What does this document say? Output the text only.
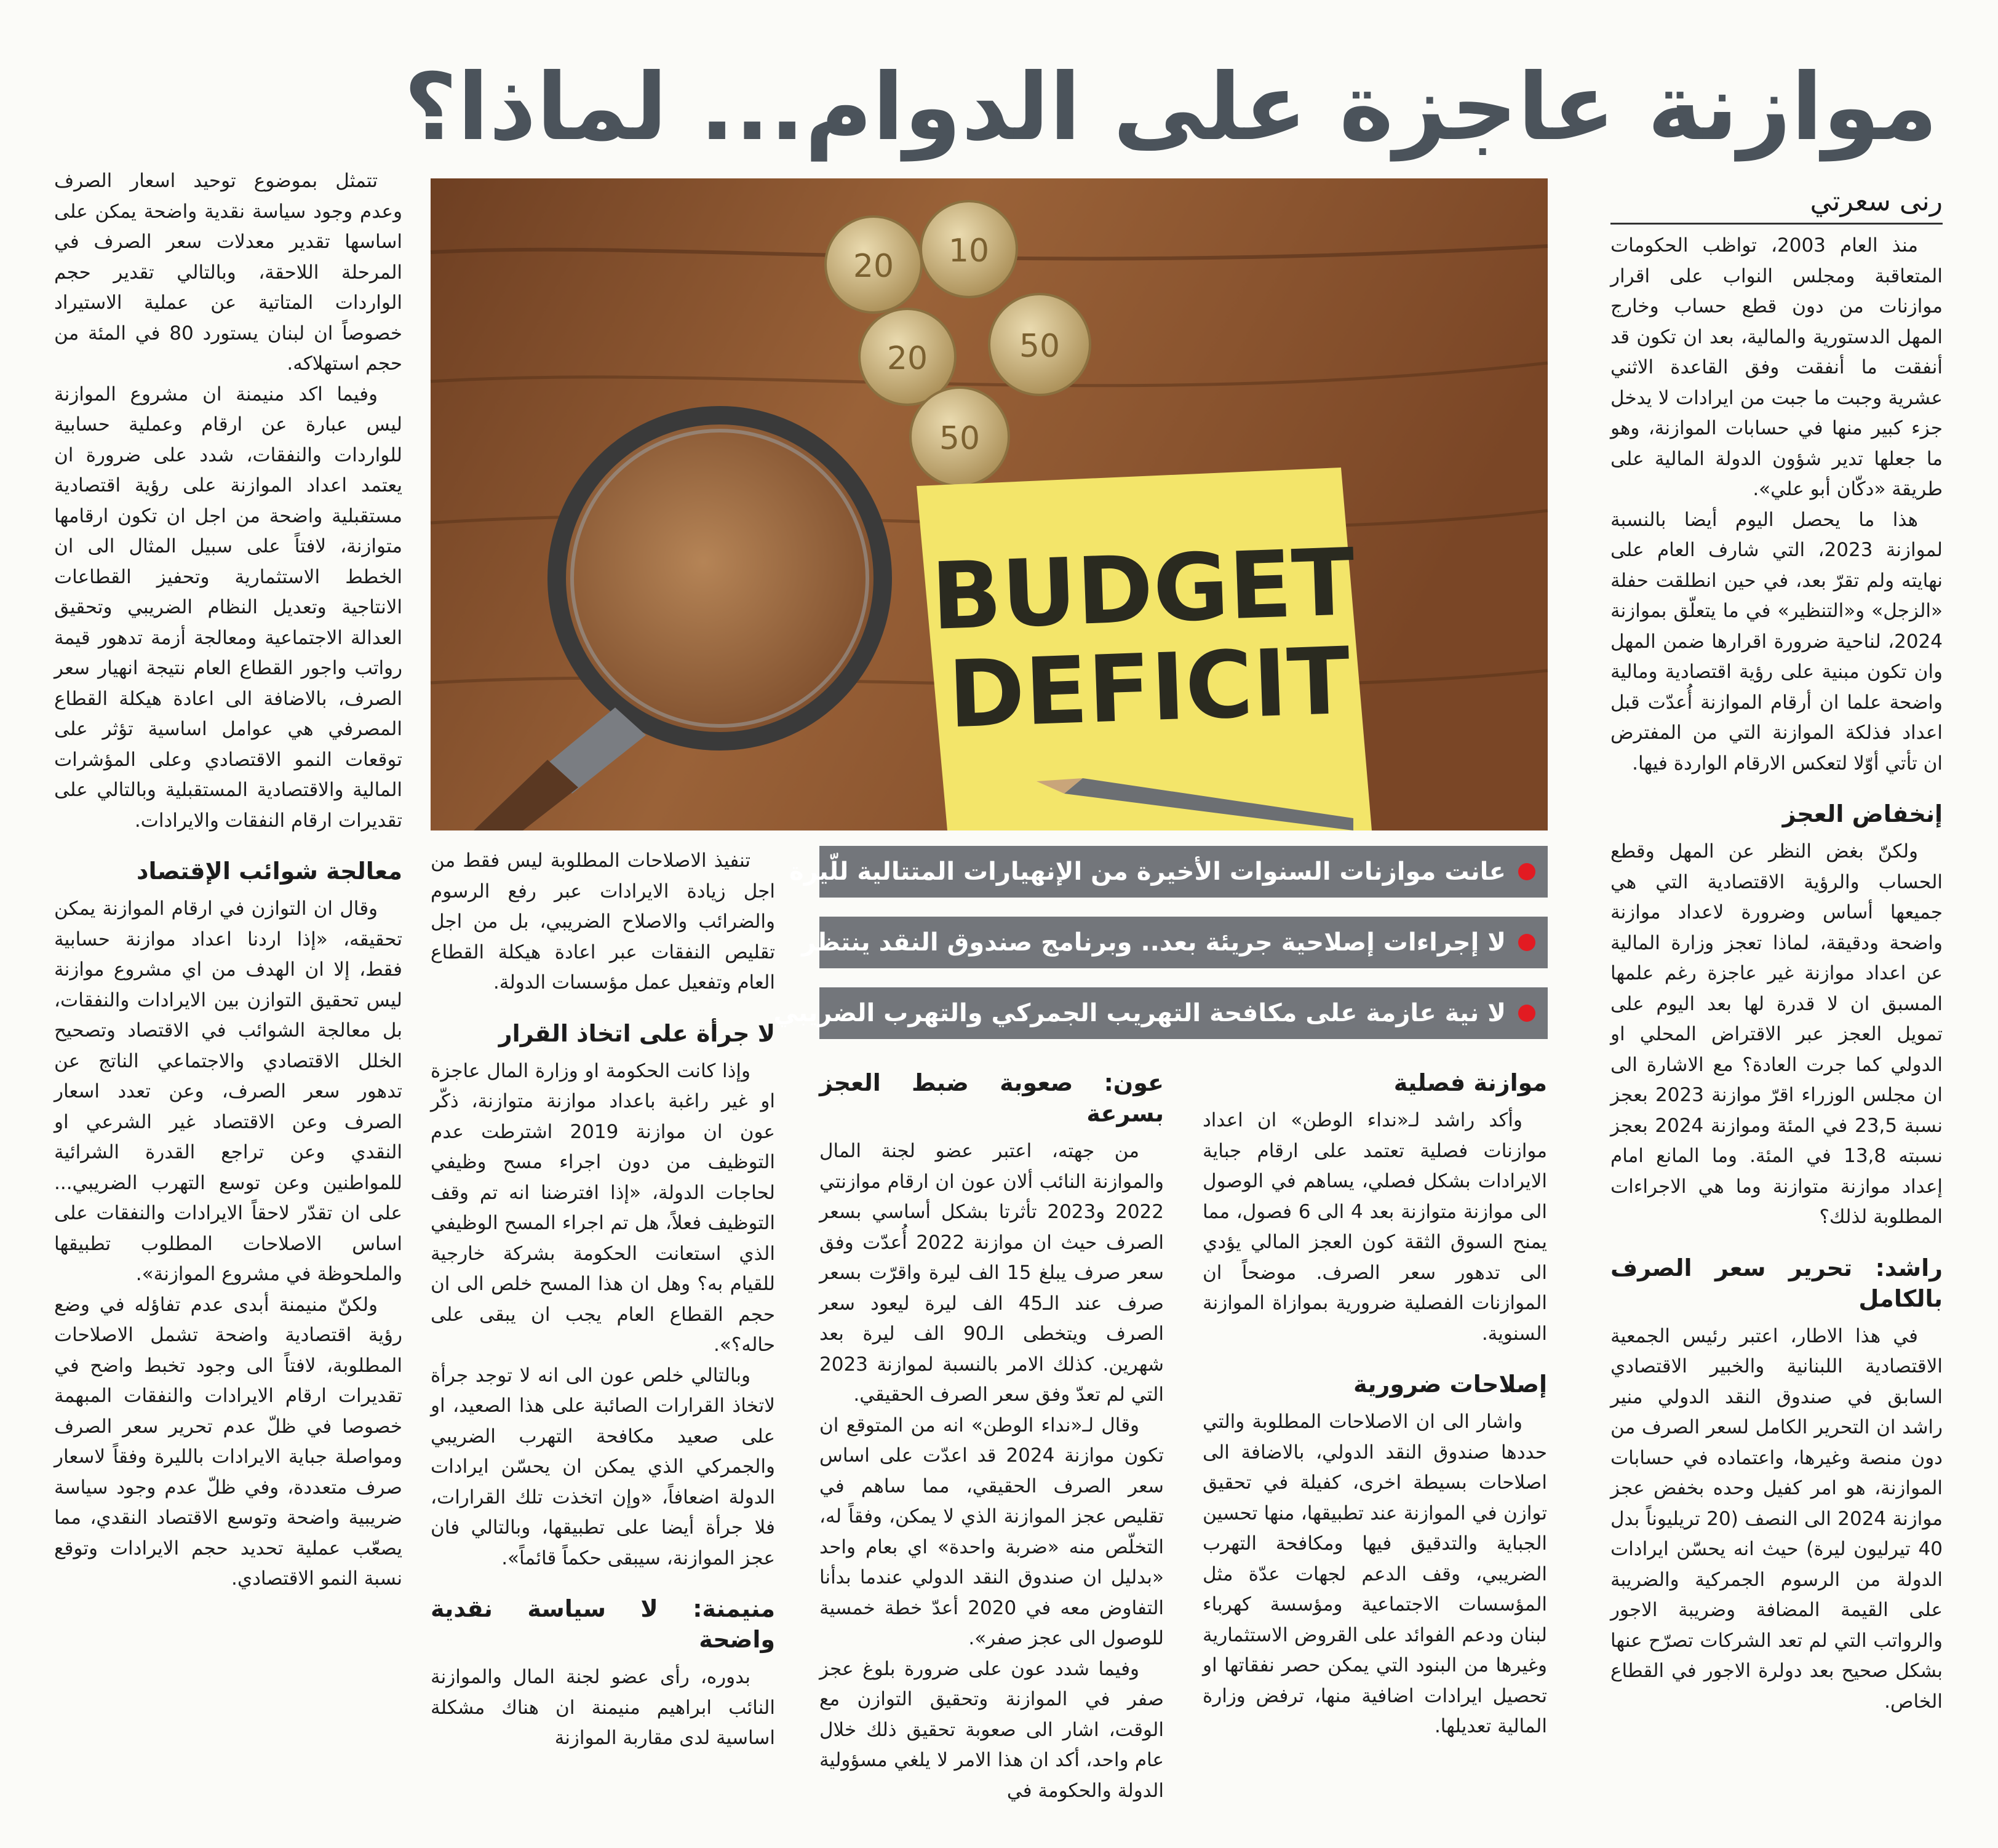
موازنة عاجزة على الدوام... لماذا؟
رنى سعرتي

منذ العام 2003، تواظب الحكومات المتعاقبة ومجلس النواب على اقرار موازنات من دون قطع حساب وخارج المهل الدستورية والمالية، بعد ان تكون قد أنفقت ما أنفقت وفق القاعدة الاثني عشرية وجبت ما جبت من ايرادات لا يدخل جزء كبير منها في حسابات الموازنة، وهو ما جعلها تدير شؤون الدولة المالية على طريقة «دكّان أبو علي».

هذا ما يحصل اليوم أيضا بالنسبة لموازنة 2023، التي شارف العام على نهايته ولم تقرّ بعد، في حين انطلقت حفلة «الزجل» و«التنظير» في ما يتعلّق بموازنة 2024، لناحية ضرورة اقرارها ضمن المهل وان تكون مبنية على رؤية اقتصادية ومالية واضحة علما ان أرقام الموازنة أُعدّت قبل اعداد فذلكة الموازنة التي من المفترض ان تأتي أوّلا لتعكس الارقام الواردة فيها.

إنخفاض العجز

ولكنّ بغض النظر عن المهل وقطع الحساب والرؤية الاقتصادية التي هي جميعها أساس وضرورة لاعداد موازنة واضحة ودقيقة، لماذا تعجز وزارة المالية عن اعداد موازنة غير عاجزة رغم علمها المسبق ان لا قدرة لها بعد اليوم على تمويل العجز عبر الاقتراض المحلي او الدولي كما جرت العادة؟ مع الاشارة الى ان مجلس الوزراء اقرّ موازنة 2023 بعجز نسبة 23,5 في المئة وموازنة 2024 بعجز نسبته 13,8 في المئة. وما المانع امام إعداد موازنة متوازنة وما هي الاجراءات المطلوبة لذلك؟

راشد: تحرير سعر الصرف بالكامل

في هذا الاطار، اعتبر رئيس الجمعية الاقتصادية اللبنانية والخبير الاقتصادي السابق في صندوق النقد الدولي منير راشد ان التحرير الكامل لسعر الصرف من دون منصة وغيرها، واعتماده في حسابات الموازنة، هو امر كفيل وحده بخفض عجز موازنة 2024 الى النصف (20 تريليوناً بدل 40 تيرليون ليرة) حيث انه يحسّن ايرادات الدولة من الرسوم الجمركية والضريبة على القيمة المضافة وضريبة الاجور والرواتب التي لم تعد الشركات تصرّح عنها بشكل صحيح بعد دولرة الاجور في القطاع الخاص.

20 10
20	50
50
BUDGET
DEFICIT
عانت موازنات السنوات الأخيرة من الإنهيارات المتتالية للّيرة
لا إجراءات إصلاحية جريئة بعد.. وبرنامج صندوق النقد ينتظر
لا نية عازمة على مكافحة التهريب الجمركي والتهرب الضريبي
موازنة فصلية

وأكد راشد لـ«نداء الوطن» ان اعداد موازنات فصلية تعتمد على ارقام جباية الايرادات بشكل فصلي، يساهم في الوصول الى موازنة متوازنة بعد 4 الى 6 فصول، مما يمنح السوق الثقة كون العجز المالي يؤدي الى تدهور سعر الصرف. موضحاً ان الموازنات الفصلية ضرورية بموازاة الموازنة السنوية.

إصلاحات ضرورية

واشار الى ان الاصلاحات المطلوبة والتي حددها صندوق النقد الدولي، بالاضافة الى اصلاحات بسيطة اخرى، كفيلة في تحقيق توازن في الموازنة عند تطبيقها، منها تحسين الجباية والتدقيق فيها ومكافحة التهرب الضريبي، وقف الدعم لجهات عدّة مثل المؤسسات الاجتماعية ومؤسسة كهرباء لبنان ودعم الفوائد على القروض الاستثمارية وغيرها من البنود التي يمكن حصر نفقاتها او تحصيل ايرادات اضافية منها، ترفض وزارة المالية تعديلها.

عون: صعوبة ضبط العجز بسرعة

من جهته، اعتبر عضو لجنة المال والموازنة النائب ألان عون ان ارقام موازنتي 2022 و2023 تأثرتا بشكل أساسي بسعر الصرف حيث ان موازنة 2022 أُعدّت وفق سعر صرف يبلغ 15 الف ليرة واقرّت بسعر صرف عند الـ45 الف ليرة ليعود سعر الصرف ويتخطى الـ90 الف ليرة بعد شهرين. كذلك الامر بالنسبة لموازنة 2023 التي لم تعدّ وفق سعر الصرف الحقيقي.

وقال لـ«نداء الوطن» انه من المتوقع ان تكون موازنة 2024 قد اعدّت على اساس سعر الصرف الحقيقي، مما ساهم في تقليص عجز الموازنة الذي لا يمكن، وفقاً له، التخلّص منه «ضربة واحدة» اي بعام واحد «بدليل ان صندوق النقد الدولي عندما بدأنا التفاوض معه في 2020 أعدّ خطة خمسية للوصول الى عجز صفر».

وفيما شدد عون على ضرورة بلوغ عجز صفر في الموازنة وتحقيق التوازن مع الوقت، اشار الى صعوبة تحقيق ذلك خلال عام واحد، أكد ان هذا الامر لا يلغي مسؤولية الدولة والحكومة في

تنفيذ الاصلاحات المطلوبة ليس فقط من اجل زيادة الايرادات عبر رفع الرسوم والضرائب والاصلاح الضريبي، بل من اجل تقليص النفقات عبر اعادة هيكلة القطاع العام وتفعيل عمل مؤسسات الدولة.

لا جرأة على اتخاذ القرار

وإذا كانت الحكومة او وزارة المال عاجزة او غير راغبة باعداد موازنة متوازنة، ذكّر عون ان موازنة 2019 اشترطت عدم التوظيف من دون اجراء مسح وظيفي لحاجات الدولة، «إذا افترضنا انه تم وقف التوظيف فعلاً، هل تم اجراء المسح الوظيفي الذي استعانت الحكومة بشركة خارجية للقيام به؟ وهل ان هذا المسح خلص الى ان حجم القطاع العام يجب ان يبقى على حاله؟».

وبالتالي خلص عون الى انه لا توجد جرأة لاتخاذ القرارات الصائبة على هذا الصعيد، او على صعيد مكافحة التهرب الضريبي والجمركي الذي يمكن ان يحسّن ايرادات الدولة اضعافاً، «وإن اتخذت تلك القرارات، فلا جرأة أيضا على تطبيقها، وبالتالي فان عجز الموازنة، سيبقى حكماً قائماً».

منيمنة: لا سياسة نقدية واضحة

بدوره، رأى عضو لجنة المال والموازنة النائب ابراهيم منيمنة ان هناك مشكلة اساسية لدى مقاربة الموازنة

تتمثل بموضوع توحيد اسعار الصرف وعدم وجود سياسة نقدية واضحة يمكن على اساسها تقدير معدلات سعر الصرف في المرحلة اللاحقة، وبالتالي تقدير حجم الواردات المتاتية عن عملية الاستيراد خصوصاً ان لبنان يستورد 80 في المئة من حجم استهلاكه.

وفيما اكد منيمنة ان مشروع الموازنة ليس عبارة عن ارقام وعملية حسابية للواردات والنفقات، شدد على ضرورة ان يعتمد اعداد الموازنة على رؤية اقتصادية مستقبلية واضحة من اجل ان تكون ارقامها متوازنة، لافتاً على سبيل المثال الى ان الخطط الاستثمارية وتحفيز القطاعات الانتاجية وتعديل النظام الضريبي وتحقيق العدالة الاجتماعية ومعالجة أزمة تدهور قيمة رواتب واجور القطاع العام نتيجة انهيار سعر الصرف، بالاضافة الى اعادة هيكلة القطاع المصرفي هي عوامل اساسية تؤثر على توقعات النمو الاقتصادي وعلى المؤشرات المالية والاقتصادية المستقبلية وبالتالي على تقديرات ارقام النفقات والايرادات.

معالجة شوائب الإقتصاد

وقال ان التوازن في ارقام الموازنة يمكن تحقيقه، «إذا اردنا اعداد موازنة حسابية فقط، إلا ان الهدف من اي مشروع موازنة ليس تحقيق التوازن بين الايرادات والنفقات، بل معالجة الشوائب في الاقتصاد وتصحيح الخلل الاقتصادي والاجتماعي الناتج عن تدهور سعر الصرف، وعن تعدد اسعار الصرف وعن الاقتصاد غير الشرعي او النقدي وعن تراجع القدرة الشرائية للمواطنين وعن توسع التهرب الضريبي... على ان تقدّر لاحقاً الايرادات والنفقات على اساس الاصلاحات المطلوب تطبيقها والملحوظة في مشروع الموازنة».

ولكنّ منيمنة أبدى عدم تفاؤله في وضع رؤية اقتصادية واضحة تشمل الاصلاحات المطلوبة، لافتاً الى وجود تخبط واضح في تقديرات ارقام الايرادات والنفقات المبهمة خصوصا في ظلّ عدم تحرير سعر الصرف ومواصلة جباية الايرادات بالليرة وفقاً لاسعار صرف متعددة، وفي ظلّ عدم وجود سياسة ضريبية واضحة وتوسع الاقتصاد النقدي، مما يصعّب عملية تحديد حجم الايرادات وتوقع نسبة النمو الاقتصادي.
